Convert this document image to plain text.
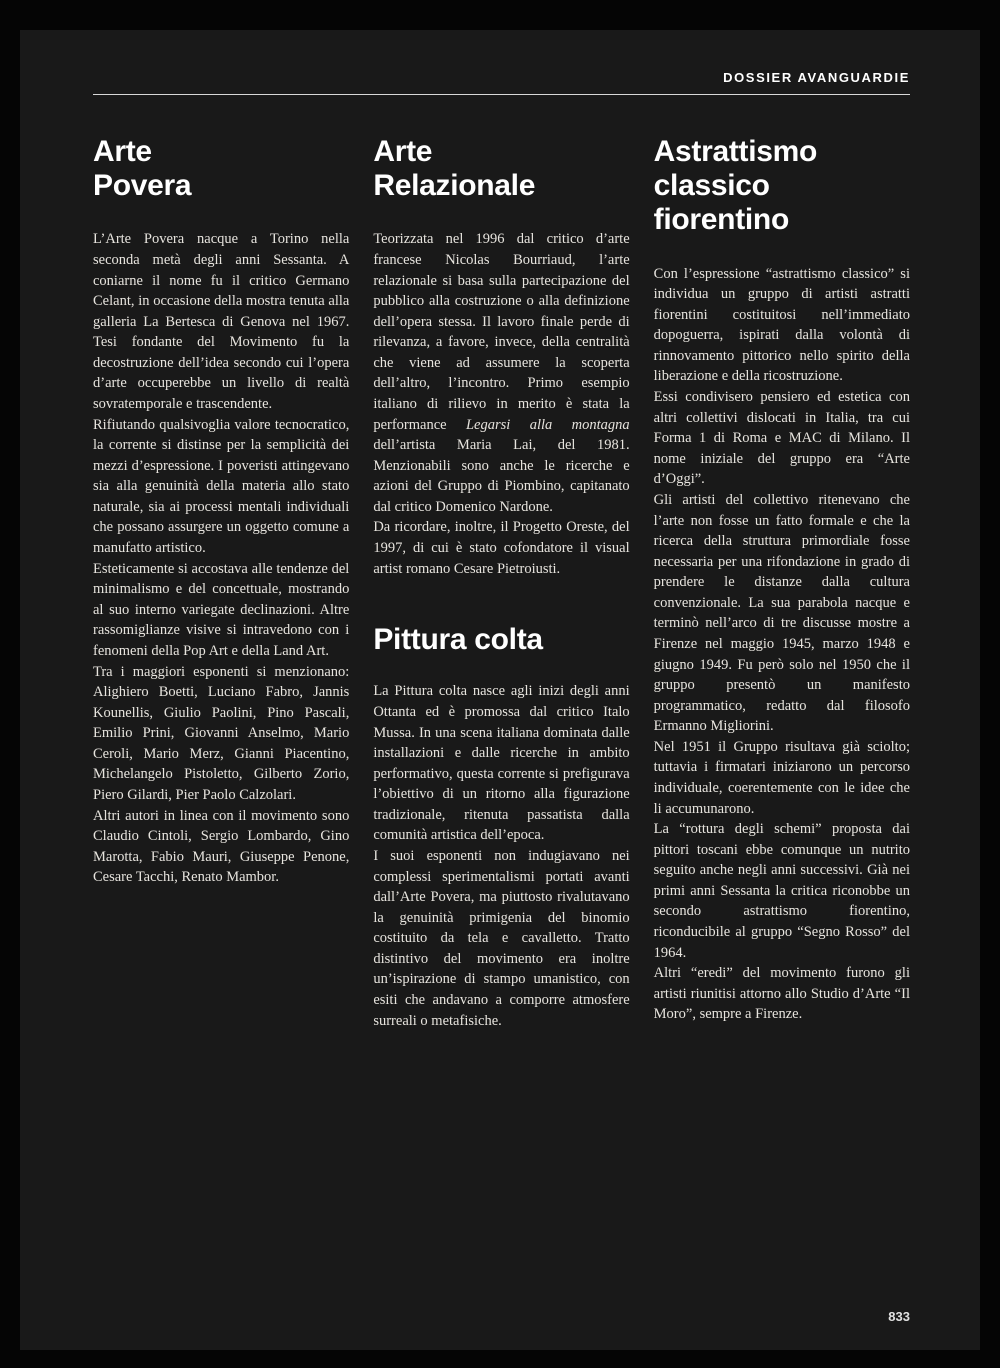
DOSSIER AVANGUARDIE
Arte
Povera

L’Arte Povera nacque a Torino nella seconda metà degli anni Sessanta. A coniarne il nome fu il critico Germano Celant, in occasione della mostra tenuta alla galleria La Bertesca di Genova nel 1967. Tesi fondante del Movimento fu la decostruzione dell’idea secondo cui l’opera d’arte occuperebbe un livello di realtà sovratemporale e trascendente.

Rifiutando qualsivoglia valore tecnocratico, la corrente si distinse per la semplicità dei mezzi d’espressione. I poveristi attingevano sia alla genuinità della materia allo stato naturale, sia ai processi mentali individuali che possano assurgere un oggetto comune a manufatto artistico.

Esteticamente si accostava alle tendenze del minimalismo e del concettuale, mostrando al suo interno variegate declinazioni. Altre rassomiglianze visive si intravedono con i fenomeni della Pop Art e della Land Art.

Tra i maggiori esponenti si menzionano: Alighiero Boetti, Luciano Fabro, Jannis Kounellis, Giulio Paolini, Pino Pascali, Emilio Prini, Giovanni Anselmo, Mario Ceroli, Mario Merz, Gianni Piacentino, Michelangelo Pistoletto, Gilberto Zorio, Piero Gilardi, Pier Paolo Calzolari.

Altri autori in linea con il movimento sono Claudio Cintoli, Sergio Lombardo, Gino Marotta, Fabio Mauri, Giuseppe Penone, Cesare Tacchi, Renato Mambor.

Arte
Relazionale

Teorizzata nel 1996 dal critico d’arte francese Nicolas Bourriaud, l’arte relazionale si basa sulla partecipazione del pubblico alla costruzione o alla definizione dell’opera stessa. Il lavoro finale perde di rilevanza, a favore, invece, della centralità che viene ad assumere la scoperta dell’altro, l’incontro. Primo esempio italiano di rilievo in merito è stata la performance Legarsi alla montagna dell’artista Maria Lai, del 1981. Menzionabili sono anche le ricerche e azioni del Gruppo di Piombino, capitanato dal critico Domenico Nardone.

Da ricordare, inoltre, il Progetto Oreste, del 1997, di cui è stato cofondatore il visual artist romano Cesare Pietroiusti.

Pittura colta

La Pittura colta nasce agli inizi degli anni Ottanta ed è promossa dal critico Italo Mussa. In una scena italiana dominata dalle installazioni e dalle ricerche in ambito performativo, questa corrente si prefigurava l’obiettivo di un ritorno alla figurazione tradizionale, ritenuta passatista dalla comunità artistica dell’epoca.

I suoi esponenti non indugiavano nei complessi sperimentalismi portati avanti dall’Arte Povera, ma piuttosto rivalutavano la genuinità primigenia del binomio costituito da tela e cavalletto. Tratto distintivo del movimento era inoltre un’ispirazione di stampo umanistico, con esiti che andavano a comporre atmosfere surreali o metafisiche.

Astrattismo
classico
fiorentino

Con l’espressione “astrattismo classico” si individua un gruppo di artisti astratti fiorentini costituitosi nell’immediato dopoguerra, ispirati dalla volontà di rinnovamento pittorico nello spirito della liberazione e della ricostruzione.

Essi condivisero pensiero ed estetica con altri collettivi dislocati in Italia, tra cui Forma 1 di Roma e MAC di Milano. Il nome iniziale del gruppo era “Arte d’Oggi”.

Gli artisti del collettivo ritenevano che l’arte non fosse un fatto formale e che la ricerca della struttura primordiale fosse necessaria per una rifondazione in grado di prendere le distanze dalla cultura convenzionale. La sua parabola nacque e terminò nell’arco di tre discusse mostre a Firenze nel maggio 1945, marzo 1948 e giugno 1949. Fu però solo nel 1950 che il gruppo presentò un manifesto programmatico, redatto dal filosofo Ermanno Migliorini.

Nel 1951 il Gruppo risultava già sciolto; tuttavia i firmatari iniziarono un percorso individuale, coerentemente con le idee che li accumunarono.

La “rottura degli schemi” proposta dai pittori toscani ebbe comunque un nutrito seguito anche negli anni successivi. Già nei primi anni Sessanta la critica riconobbe un secondo astrattismo fiorentino, riconducibile al gruppo “Segno Rosso” del 1964.

Altri “eredi” del movimento furono gli artisti riunitisi attorno allo Studio d’Arte “Il Moro”, sempre a Firenze.

833
